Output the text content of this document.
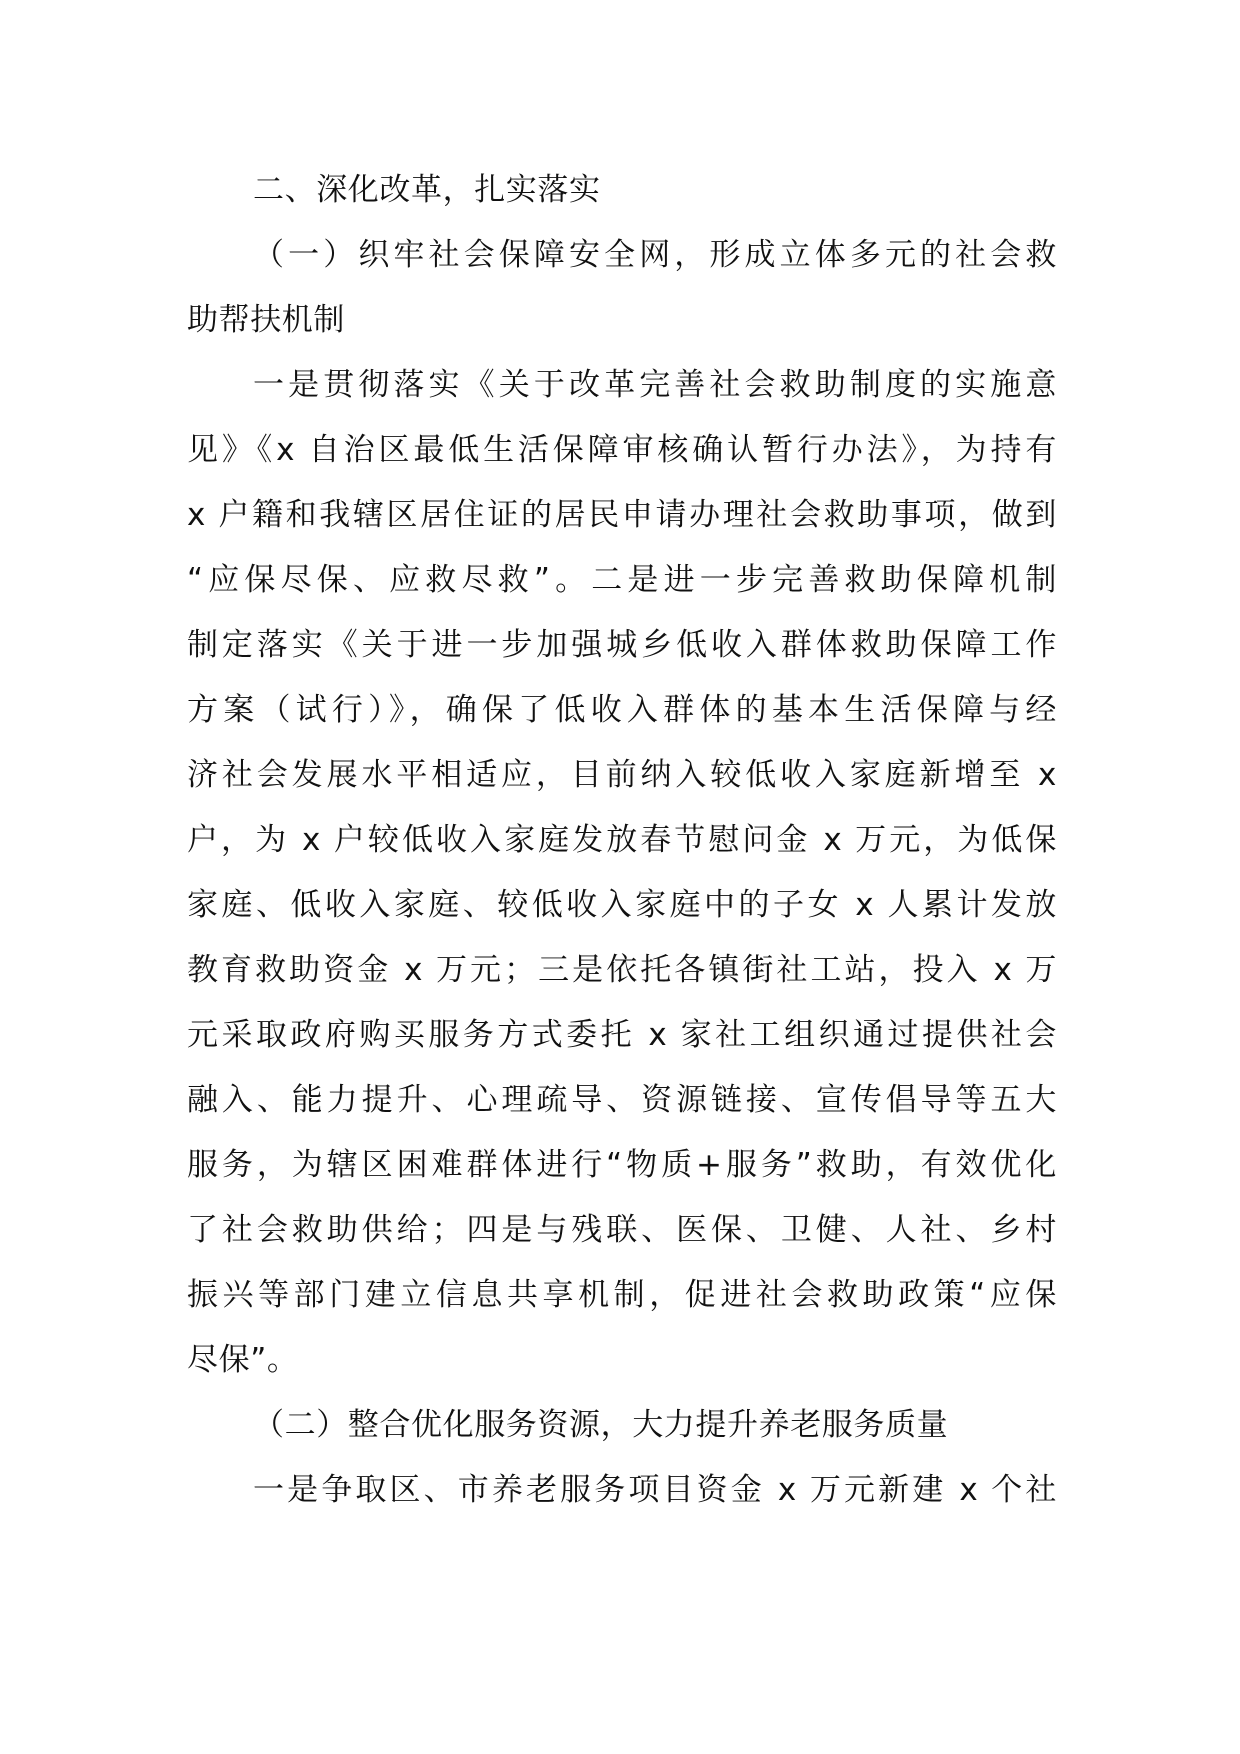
二、深化改革，扎实落实
（一）织牢社会保障安全网，形成立体多元的社会救
助帮扶机制
一是贯彻落实《关于改革完善社会救助制度的实施意
见》《x 自治区最低生活保障审核确认暂行办法》，为持有
x 户籍和我辖区居住证的居民申请办理社会救助事项，做到
“应保尽保、应救尽救”。二是进一步完善救助保障机制
制定落实《关于进一步加强城乡低收入群体救助保障工作
方案（试行）》，确保了低收入群体的基本生活保障与经
济社会发展水平相适应，目前纳入较低收入家庭新增至 x
户，为 x 户较低收入家庭发放春节慰问金 x 万元，为低保
家庭、低收入家庭、较低收入家庭中的子女 x 人累计发放
教育救助资金 x 万元；三是依托各镇街社工站，投入 x 万
元采取政府购买服务方式委托 x 家社工组织通过提供社会
融入、能力提升、心理疏导、资源链接、宣传倡导等五大
服务，为辖区困难群体进行“物质+服务”救助，有效优化
了社会救助供给；四是与残联、医保、卫健、人社、乡村
振兴等部门建立信息共享机制，促进社会救助政策“应保
尽保”。
（二）整合优化服务资源，大力提升养老服务质量
一是争取区、市养老服务项目资金 x 万元新建 x 个社
